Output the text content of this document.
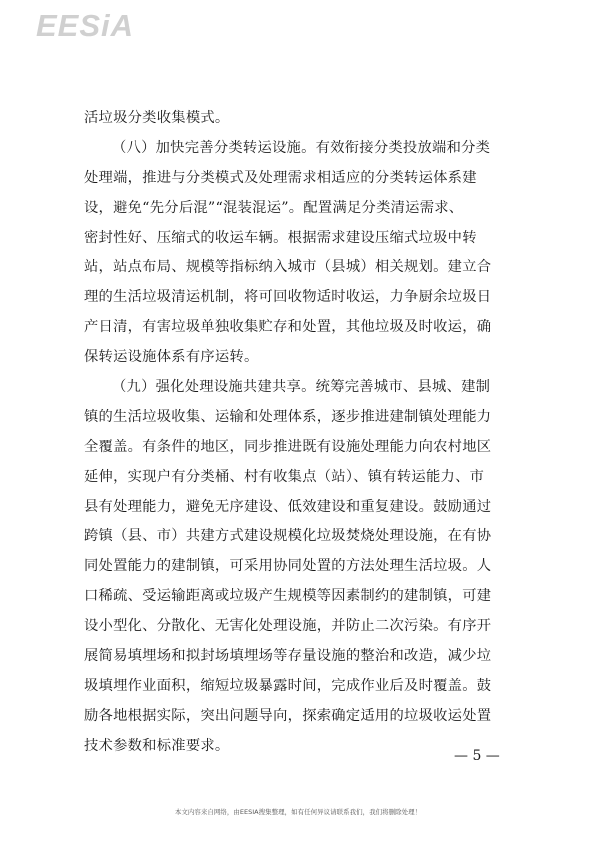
EESiA
活垃圾分类收集模式。
（八）加快完善分类转运设施。有效衔接分类投放端和分类
处理端，推进与分类模式及处理需求相适应的分类转运体系建
设，避免“先分后混”“混装混运”。配置满足分类清运需求、
密封性好、压缩式的收运车辆。根据需求建设压缩式垃圾中转
站，站点布局、规模等指标纳入城市（县城）相关规划。建立合
理的生活垃圾清运机制，将可回收物适时收运，力争厨余垃圾日
产日清，有害垃圾单独收集贮存和处置，其他垃圾及时收运，确
保转运设施体系有序运转。
（九）强化处理设施共建共享。统筹完善城市、县城、建制
镇的生活垃圾收集、运输和处理体系，逐步推进建制镇处理能力
全覆盖。有条件的地区，同步推进既有设施处理能力向农村地区
延伸，实现户有分类桶、村有收集点（站）、镇有转运能力、市
县有处理能力，避免无序建设、低效建设和重复建设。鼓励通过
跨镇（县、市）共建方式建设规模化垃圾焚烧处理设施，在有协
同处置能力的建制镇，可采用协同处置的方法处理生活垃圾。人
口稀疏、受运输距离或垃圾产生规模等因素制约的建制镇，可建
设小型化、分散化、无害化处理设施，并防止二次污染。有序开
展简易填埋场和拟封场填埋场等存量设施的整治和改造，减少垃
圾填埋作业面积，缩短垃圾暴露时间，完成作业后及时覆盖。鼓
励各地根据实际，突出问题导向，探索确定适用的垃圾收运处置
技术参数和标准要求。
— 5 —
本文内容来自网络，由EESIA搜集整理，如有任何异议请联系我们，我们将删除处理！
